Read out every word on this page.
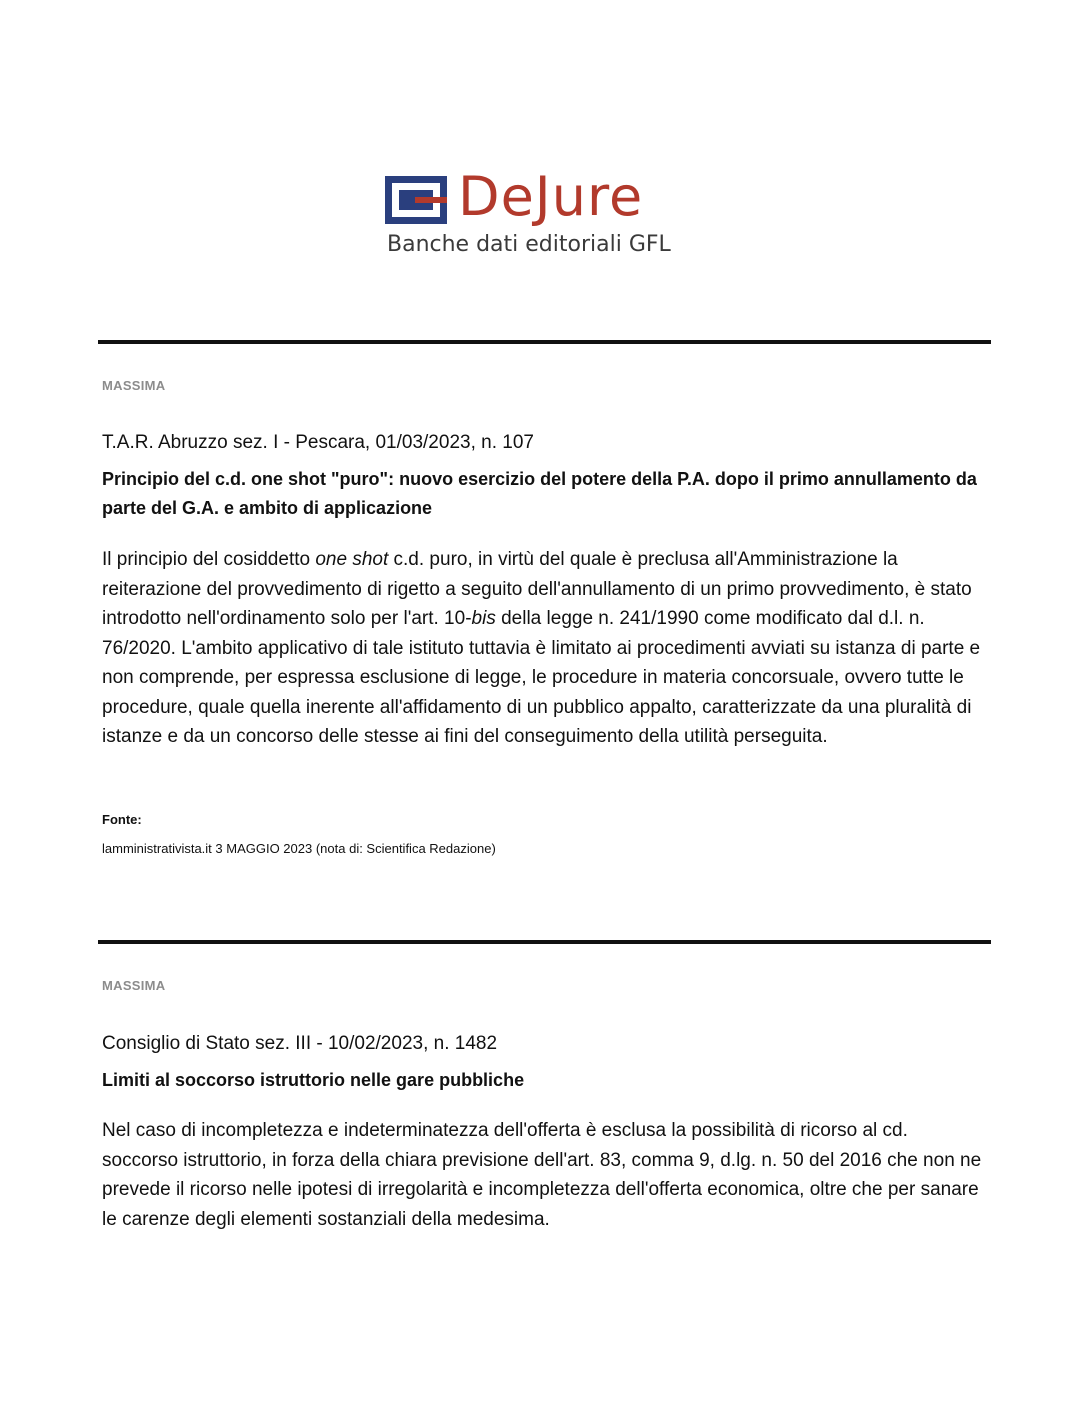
DeJure
Banche dati editoriali GFL
MASSIMA
T.A.R. Abruzzo sez. I - Pescara, 01/03/2023, n. 107
Principio del c.d. one shot "puro": nuovo esercizio del potere della P.A. dopo il primo annullamento da parte del G.A. e ambito di applicazione
Il principio del cosiddetto one shot c.d. puro, in virtù del quale è preclusa all'Amministrazione la reiterazione del provvedimento di rigetto a seguito dell'annullamento di un primo provvedimento, è stato introdotto nell'ordinamento solo per l'art. 10-bis della legge n. 241/1990 come modificato dal d.l. n. 76/2020. L'ambito applicativo di tale istituto tuttavia è limitato ai procedimenti avviati su istanza di parte e non comprende, per espressa esclusione di legge, le procedure in materia concorsuale, ovvero tutte le procedure, quale quella inerente all'affidamento di un pubblico appalto, caratterizzate da una pluralità di istanze e da un concorso delle stesse ai fini del conseguimento della utilità perseguita.
Fonte:
lamministrativista.it 3 MAGGIO 2023 (nota di: Scientifica Redazione)
MASSIMA
Consiglio di Stato sez. III - 10/02/2023, n. 1482
Limiti al soccorso istruttorio nelle gare pubbliche
Nel caso di incompletezza e indeterminatezza dell'offerta è esclusa la possibilità di ricorso al cd. soccorso istruttorio, in forza della chiara previsione dell'art. 83, comma 9, d.lg. n. 50 del 2016 che non ne prevede il ricorso nelle ipotesi di irregolarità e incompletezza dell'offerta economica, oltre che per sanare le carenze degli elementi sostanziali della medesima.
